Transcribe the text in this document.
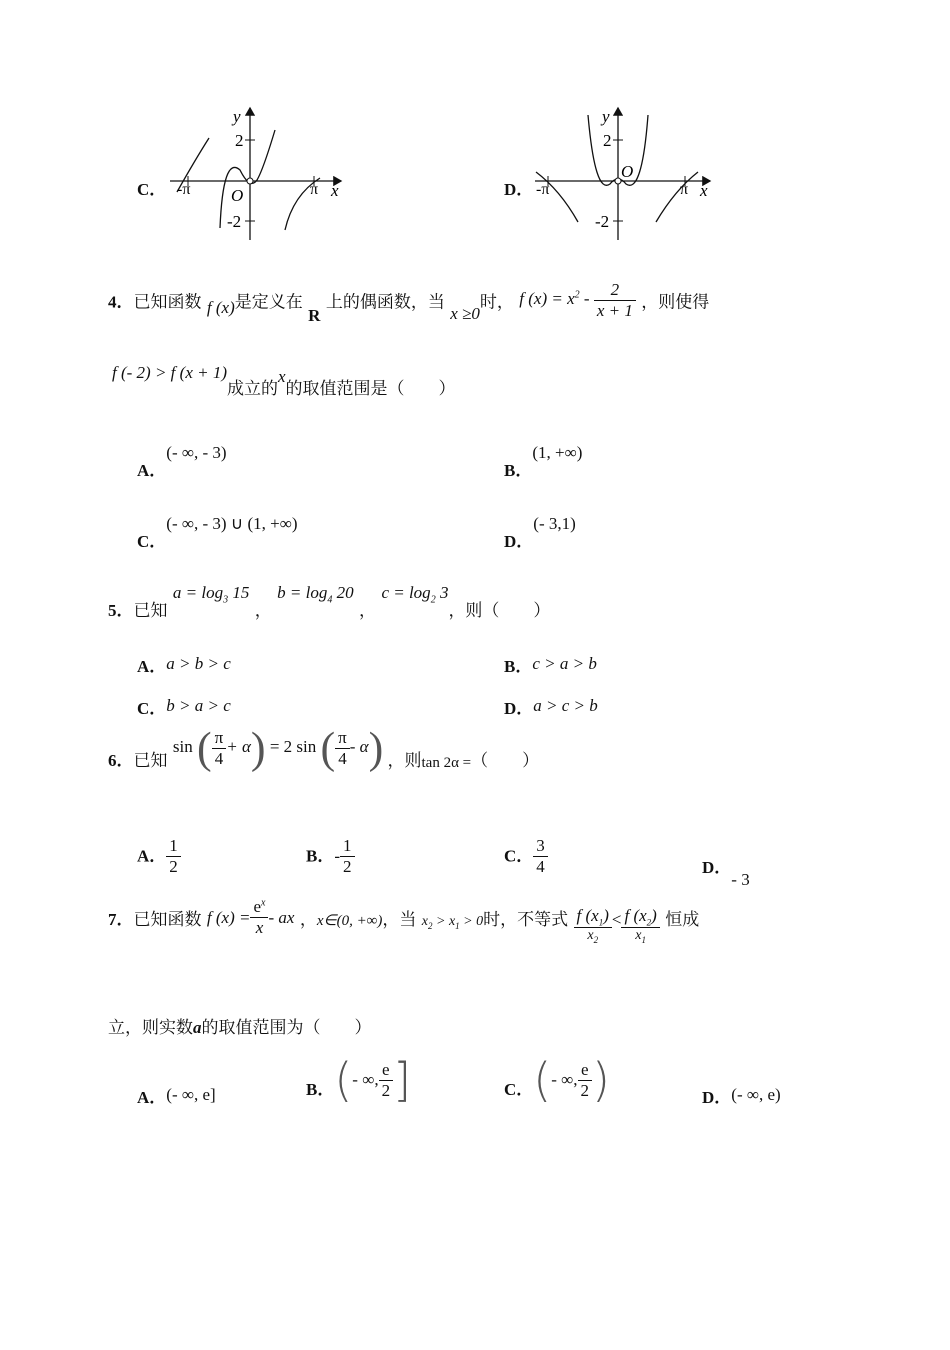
C．
y
x
O
2
-2
-π	π	D．
y
x
O
2
-2
-π	π
4．已知函数 f (x)是定义在 R 上的偶函数，当 x ≥0时， f $(x) = x^2 - \frac{2}{x + 1}$ ，则使得
f (- 2) > f (x + 1)成立的x的取值范围是（　　）
A．(- ∞, - 3)
B．(1, +∞)
C．(- ∞, - 3) ∪ (1, +∞)
D．(- 3,1)
5．已知 $a = \log_3 15$ ， $b = \log_4 20$ ， $c = \log_2 3$，则（　　）
A．a > b > c	B．c > a > b
C．b > a > c	D．a > c > b
6．已知 sin ( $\frac{\pi}{4} + \alpha) = 2$ sin ( $\frac{\pi}{4} - \alpha$) ，则tan 2α =（　　）
A． $\frac{1}{2}$	B．- $\frac{1}{2}$	C． $\frac{3}{4}$	D．- 3
7．已知函数 f $(x) = \frac{e^x}{x}$ - ax ，x∈(0, +∞)，当 $^{x_2 > x_1 > 0}$时，不等式 $\frac{f (x_1)}{x_2} < \frac{f (x_2)}{x_1}$ 恒成
立，则实数a的取值范围为（　　）
A．(- ∞, e]	B．(- ∞, $\frac{e}{2}$ ]	C．(- ∞, $\frac{e}{2}$ )	D．(- ∞, e)
